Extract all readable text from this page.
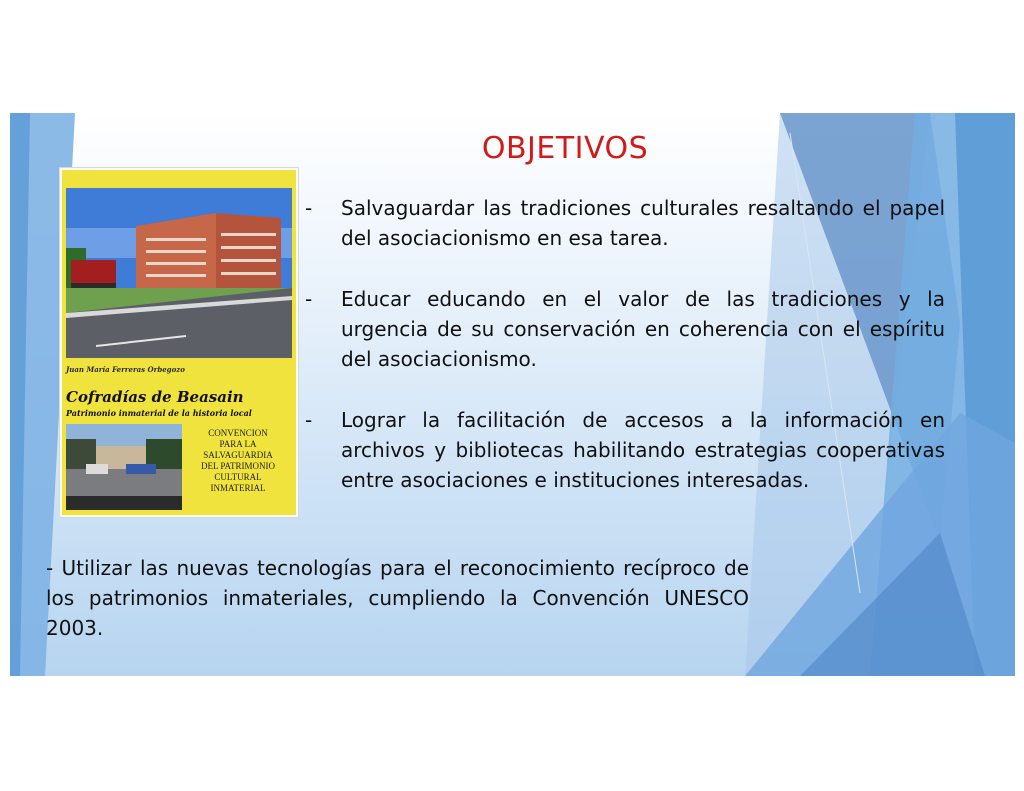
OBJETIVOS
Juan María Ferreras Orbegozo
Cofradías de Beasain
Patrimonio inmaterial de la historia local
CONVENCION
PARA LA
SALVAGUARDIA
DEL PATRIMONIO
CULTURAL
INMATERIAL
-	Salvaguardar las tradiciones culturales resaltando el papel del asociacionismo en esa tarea.
-	Educar educando en el valor de las tradiciones y la urgencia de su conservación en coherencia con el espíritu del asociacionismo.
-	Lograr la facilitación de accesos a la información en archivos y bibliotecas habilitando estrategias cooperativas entre asociaciones e instituciones interesadas.
- Utilizar las nuevas tecnologías para el reconocimiento recíproco de los patrimonios inmateriales, cumpliendo la Convención UNESCO 2003.
